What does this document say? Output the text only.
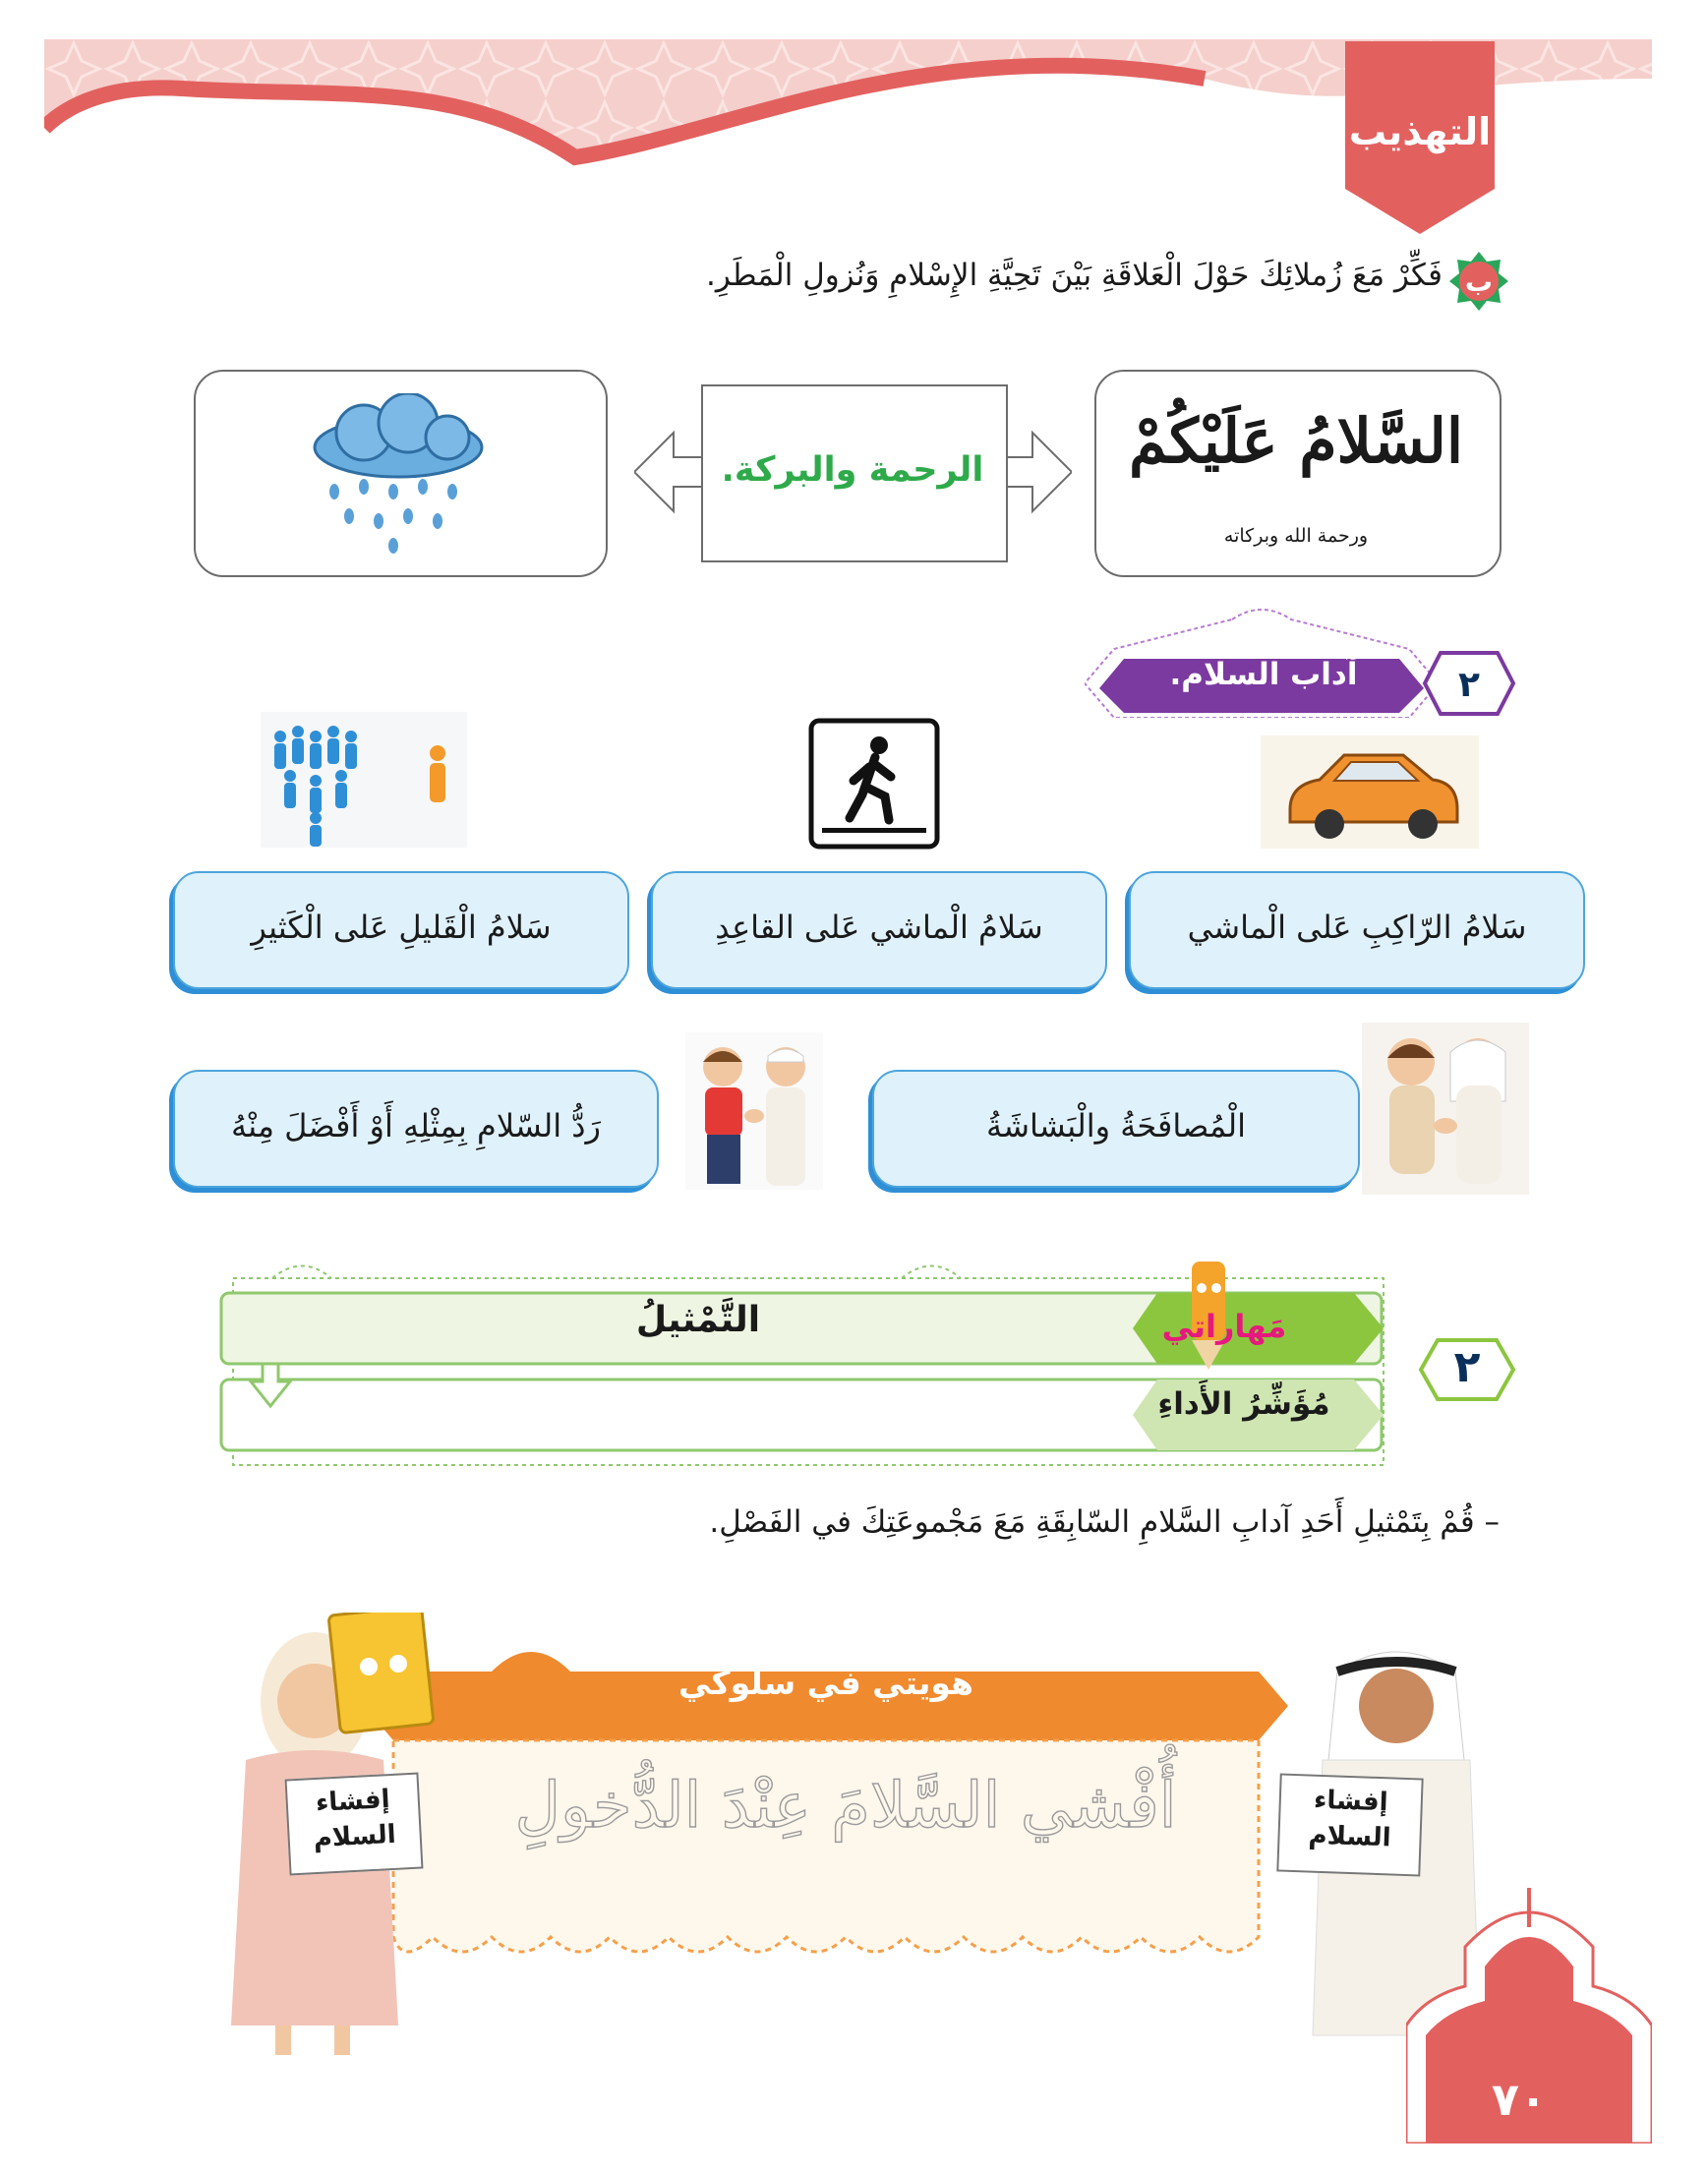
التهذيب
ب
فَكِّرْ مَعَ زُملائِكَ حَوْلَ الْعَلاقَةِ بَيْنَ تَحِيَّةِ الإِسْلامِ وَنُزولِ الْمَطَرِ.
السَّلامُ عَلَيْكُمْ
ورحمة الله وبركاته
الرحمة والبركة.
آداب السلام.	٢
سَلامُ الرّاكِبِ عَلى الْماشي
سَلامُ الْماشي عَلى القاعِدِ
سَلامُ الْقَليلِ عَلى الْكَثيرِ
الْمُصافَحَةُ والْبَشاشَةُ
رَدُّ السّلامِ بِمِثْلِهِ أَوْ أَفْضَلَ مِنْهُ
التَّمْثيلُ	مَهاراتي
مُؤَشِّرُ الأَداءِ
٢
– قُمْ بِتَمْثيلِ أَحَدِ آدابِ السَّلامِ السّابِقَةِ مَعَ مَجْموعَتِكَ في الفَصْلِ.
هويتي في سلوكي
أُفْشي السَّلامَ عِنْدَ الدُّخولِ
إفشاء
السلام
إفشاء
السلام
٧٠
